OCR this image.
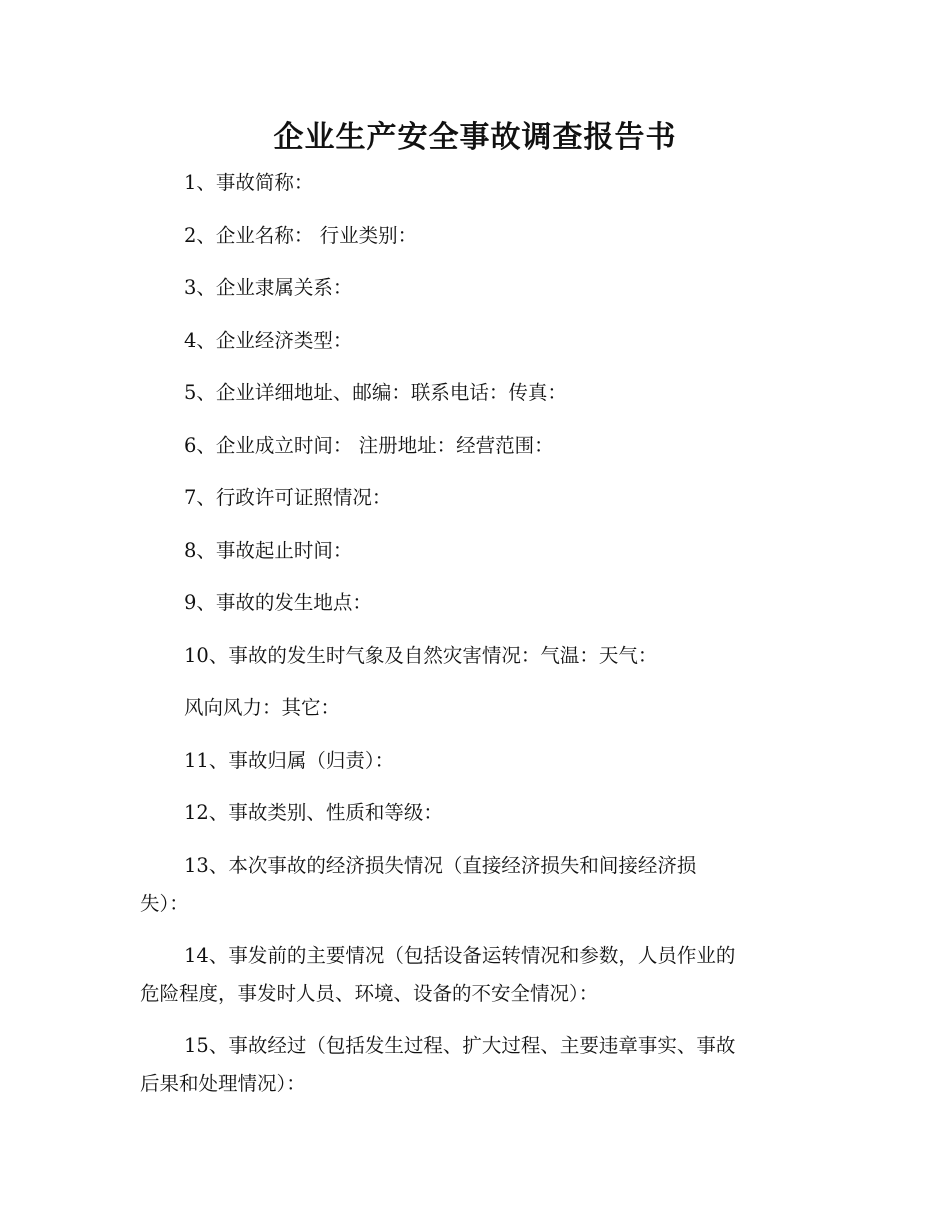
企业生产安全事故调查报告书
1、事故简称：
2、企业名称： 行业类别：
3、企业隶属关系：
4、企业经济类型：
5、企业详细地址、邮编：联系电话：传真：
6、企业成立时间： 注册地址：经营范围：
7、行政许可证照情况：
8、事故起止时间：
9、事故的发生地点：
10、事故的发生时气象及自然灾害情况：气温：天气：
风向风力：其它：
11、事故归属（归责）：
12、事故类别、性质和等级：
13、本次事故的经济损失情况（直接经济损失和间接经济损
失）：
14、事发前的主要情况（包括设备运转情况和参数，人员作业的
危险程度，事发时人员、环境、设备的不安全情况）：
15、事故经过（包括发生过程、扩大过程、主要违章事实、事故
后果和处理情况）：
